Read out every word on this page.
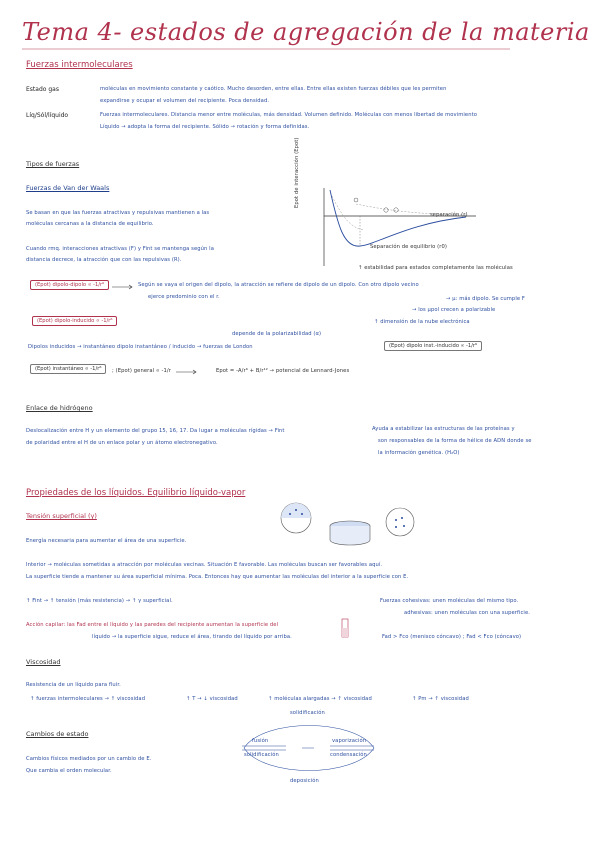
Tema 4- estados de agregación de la materia
Fuerzas intermoleculares
Estado gas	moléculas en movimiento constante y caótico. Mucho desorden, entre ellas. Entre ellas existen fuerzas débiles que les permiten
expandirse y ocupar el volumen del recipiente. Poca densidad.
Líq/Sól/líquido	Fuerzas intermoleculares. Distancia menor entre moléculas, más densidad. Volumen definido. Moléculas con menos libertad de movimiento
Líquido → adopta la forma del recipiente. Sólido → rotación y forma definidas.
Tipos de fuerzas
Fuerzas de Van der Waals
Se basan en que las fuerzas atractivas y repulsivas mantienen a las
moléculas cercanas a la distancia de equilibrio.
Cuando rmq. interacciones atractivas (F) y Fint se mantenga según la
distancia decrece, la atracción que con las repulsivas (R).
Epot de interacción (Epot)
separación (r)
Separación de equilibrio (r0)
↑ estabilidad para estados completamente las moléculas
(Epot) dipolo-dipolo ∝ -1/r⁶	Según se vaya el origen del dipolo, la atracción se refiere de dipolo de un dipolo. Con otro dipolo vecino
ejerce predominio con el r.	→ µ: más dipolo. Se cumple F
→ los µpol crecen a polarizable
(Epot) dipolo-inducido ∝ -1/r⁶	↑ dimensión de la nube electrónica
depende de la polarizabilidad (α)
Dipolos inducidos → instantáneo dipolo instantáneo / inducido → fuerzas de London	(Epot) dipolo inst.-inducido ∝ -1/r⁶
(Epot) instantáneo ∝ -1/r⁶	; (Epot) general ∝ -1/r	Epot = -A/r⁶ + B/r¹² → potencial de Lennard-Jones
Enlace de hidrógeno
Deslocalización entre H y un elemento del grupo 15, 16, 17. Da lugar a moléculas rígidas → Fint
de polaridad entre el H de un enlace polar y un átomo electronegativo.
Ayuda a estabilizar las estructuras de las proteínas y
son responsables de la forma de hélice de ADN donde se
la información genética. (H₂O)
Propiedades de los líquidos. Equilibrio líquido-vapor
Tensión superficial (γ)
Energía necesaria para aumentar el área de una superficie.
Interior → moléculas sometidas a atracción por moléculas vecinas. Situación E favorable. Las moléculas buscan ser favorables aquí.
La superficie tiende a mantener su área superficial mínima. Poca. Entonces hay que aumentar las moléculas del interior a la superficie con E.
↑ Fint → ↑ tensión (más resistencia) → ↑ γ superficial.
Acción capilar: las Fad entre el líquido y las paredes del recipiente aumentan la superficie del
líquido → la superficie sigue, reduce el área, tirando del líquido por arriba.
Fuerzas cohesivas: unen moléculas del mismo tipo.
adhesivas: unen moléculas con una superficie.
Fad > Fco (menisco cóncavo) ; Fad < Fco (cóncavo)
Viscosidad
Resistencia de un líquido para fluir.
↑ fuerzas intermoleculares → ↑ viscosidad	↑ T → ↓ viscosidad	↑ moléculas alargadas → ↑ viscosidad	↑ Pm → ↑ viscosidad
Cambios de estado
Cambios físicos mediados por un cambio de E.
Que cambia el orden molecular.
solidificación
deposición
fusión
solidificación
vaporización
condensación
